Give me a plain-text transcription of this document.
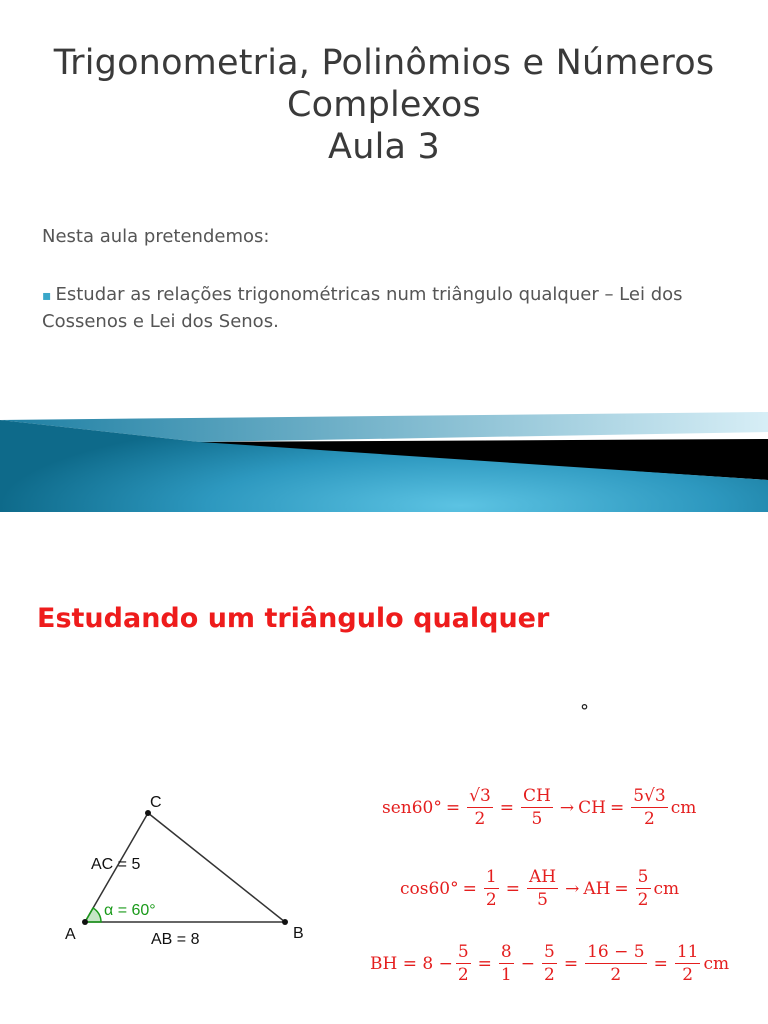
Trigonometria, Polinômios e Números
Complexos
Aula 3
Nesta aula pretendemos:
▪ Estudar as relações trigonométricas num triângulo qualquer – Lei dos Cossenos e Lei dos Senos.
Estudando um triângulo qualquer
°
A	B
C
AC = 5
AB = 8
α = 60°
$sen60^\circ = \frac{√3}{2} = \frac{CH}{5}$ → CH = $\frac{5√3}{2}$ cm
$\cos 60^\circ = \frac{1}{2} = \frac{AH}{5}$ → AH = $\frac{5}{2}$ cm
BH = $8 - \frac{5}{2} = \frac{8}{1} - \frac{5}{2} = \frac{16 - 5}{2} = \frac{11}{2}$ cm
